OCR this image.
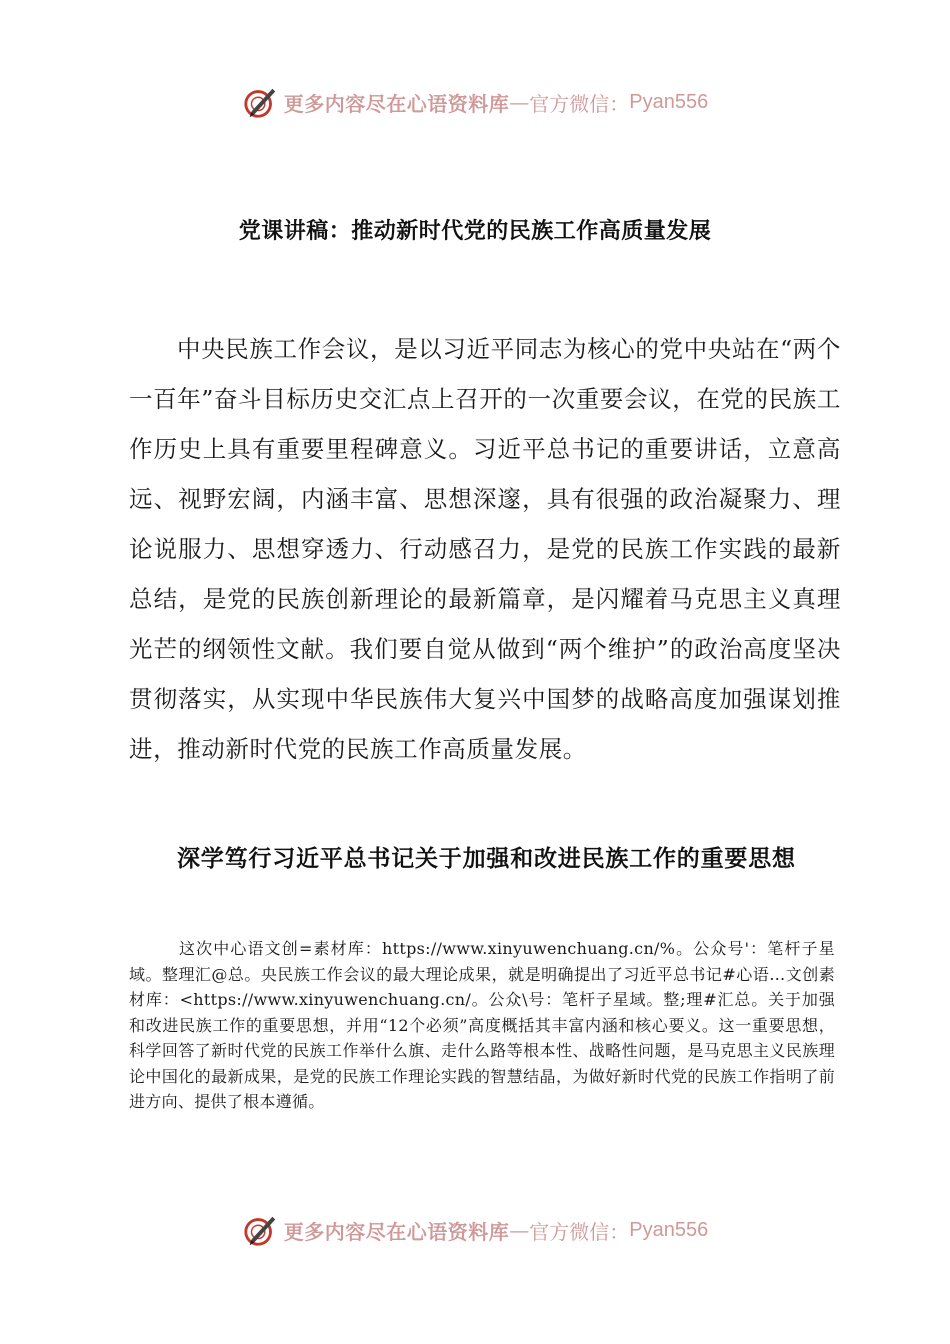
更多内容尽在心语资料库 — 官方微信： Pyan556
党课讲稿：推动新时代党的民族工作高质量发展

中央民族工作会议，是以习近平同志为核心的党中央站在“两个一百年”奋斗目标历史交汇点上召开的一次重要会议，在党的民族工作历史上具有重要里程碑意义。习近平总书记的重要讲话，立意高远、视野宏阔，内涵丰富、思想深邃，具有很强的政治凝聚力、理论说服力、思想穿透力、行动感召力，是党的民族工作实践的最新总结，是党的民族创新理论的最新篇章，是闪耀着马克思主义真理光芒的纲领性文献。我们要自觉从做到“两个维护”的政治高度坚决贯彻落实，从实现中华民族伟大复兴中国梦的战略高度加强谋划推进，推动新时代党的民族工作高质量发展。

深学笃行习近平总书记关于加强和改进民族工作的重要思想

这次中心语文创=素材库：https://www.xinyuwenchuang.cn/%。公众号'：笔杆子星域。整理汇@总。央民族工作会议的最大理论成果，就是明确提出了习近平总书记#心语…文创素材库：<https://www.xinyuwenchuang.cn/。公众\号：笔杆子星域。整;理#汇总。关于加强和改进民族工作的重要思想，并用“12个必须”高度概括其丰富内涵和核心要义。这一重要思想，科学回答了新时代党的民族工作举什么旗、走什么路等根本性、战略性问题，是马克思主义民族理论中国化的最新成果，是党的民族工作理论实践的智慧结晶，为做好新时代党的民族工作指明了前进方向、提供了根本遵循。

更多内容尽在心语资料库 — 官方微信： Pyan556
